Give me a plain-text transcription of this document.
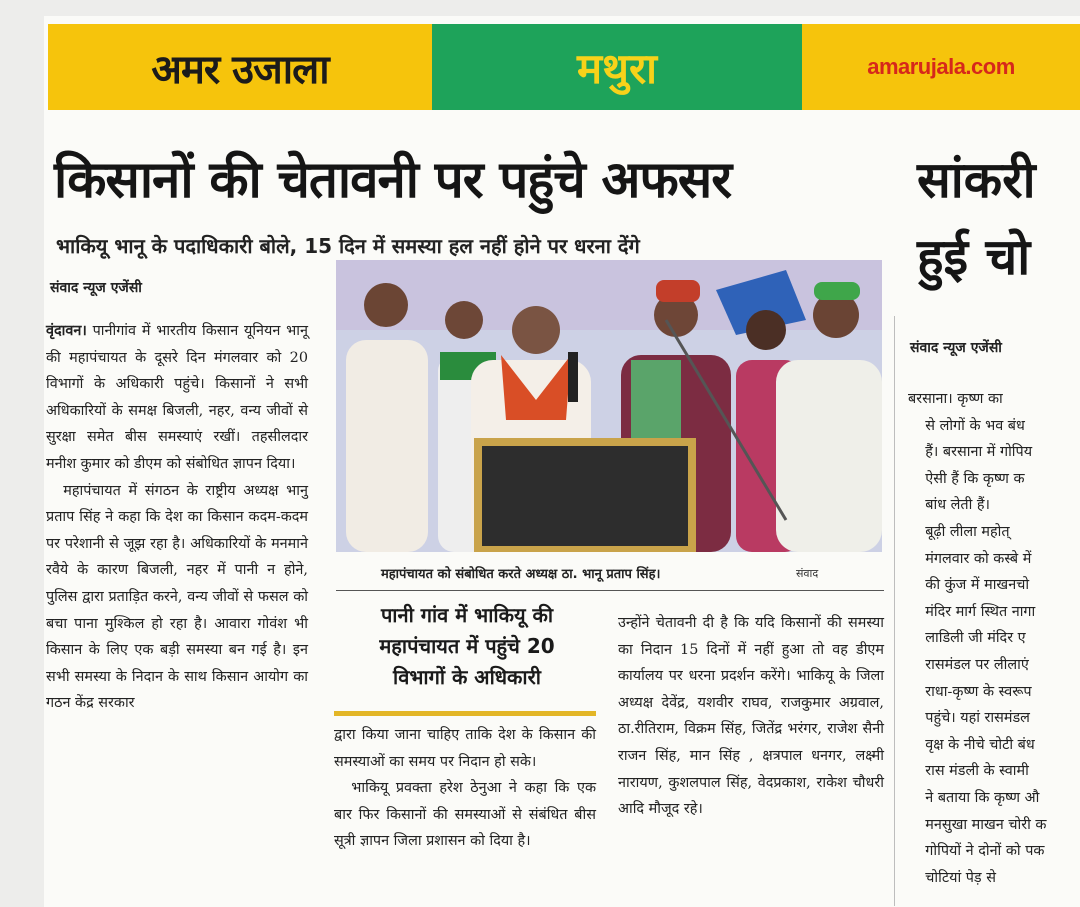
अमर उजाला	मथुरा	amarujala.com
किसानों की चेतावनी पर पहुंचे अफसर
भाकियू भानू के पदाधिकारी बोले, 15 दिन में समस्या हल नहीं होने पर धरना देंगे
संवाद न्यूज एजेंसी
सांकरी
हुई चो
संवाद न्यूज एजेंसी
महापंचायत को संबोधित करते अध्यक्ष ठा. भानू प्रताप सिंह।	संवाद

वृंदावन। पानीगांव में भारतीय किसान यूनियन भानू की महापंचायत के दूसरे दिन मंगलवार को 20 विभागों के अधिकारी पहुंचे। किसानों ने सभी अधिकारियों के समक्ष बिजली, नहर, वन्य जीवों से सुरक्षा समेत बीस समस्याएं रखीं। तहसीलदार मनीश कुमार को डीएम को संबोधित ज्ञापन दिया।

महापंचायत में संगठन के राष्ट्रीय अध्यक्ष भानु प्रताप सिंह ने कहा कि देश का किसान कदम-कदम पर परेशानी से जूझ रहा है। अधिकारियों के मनमाने रवैये के कारण बिजली, नहर में पानी न होने, पुलिस द्वारा प्रताड़ित करने, वन्य जीवों से फसल को बचा पाना मुश्किल हो रहा है। आवारा गोवंश भी किसान के लिए एक बड़ी समस्या बन गई है। इन सभी समस्या के निदान के साथ किसान आयोग का गठन केंद्र सरकार

पानी गांव में भाकियू की
महापंचायत में पहुंचे 20
विभागों के अधिकारी

द्वारा किया जाना चाहिए ताकि देश के किसान की समस्याओं का समय पर निदान हो सके।

भाकियू प्रवक्ता हरेश ठेनुआ ने कहा कि एक बार फिर किसानों की समस्याओं से संबंधित बीस सूत्री ज्ञापन जिला प्रशासन को दिया है।

उन्होंने चेतावनी दी है कि यदि किसानों की समस्या का निदान 15 दिनों में नहीं हुआ तो वह डीएम कार्यालय पर धरना प्रदर्शन करेंगे। भाकियू के जिला अध्यक्ष देवेंद्र, यशवीर राघव, राजकुमार अग्रवाल, ठा.रीतिराम, विक्रम सिंह, जितेंद्र भरंगर, राजेश सैनी राजन सिंह, मान सिंह , क्षत्रपाल धनगर, लक्ष्मी नारायण, कुशलपाल सिंह, वेदप्रकाश, राकेश चौधरी आदि मौजूद रहे।

बरसाना। कृष्ण का

से लोगों के भव बंध

हैं। बरसाना में गोपिय

ऐसी हैं कि कृष्ण क

बांध लेती हैं।

बूढ़ी लीला महोत्

मंगलवार को कस्बे में

की कुंज में माखनचो

मंदिर मार्ग स्थित नागा

लाडिली जी मंदिर ए

रासमंडल पर लीलाएं

राधा-कृष्ण के स्वरूप

पहुंचे। यहां रासमंडल

वृक्ष के नीचे चोटी बंध

रास मंडली के स्वामी

ने बताया कि कृष्ण औ

मनसुखा माखन चोरी क

गोपियों ने दोनों को पक

चोटियां पेड़ से
